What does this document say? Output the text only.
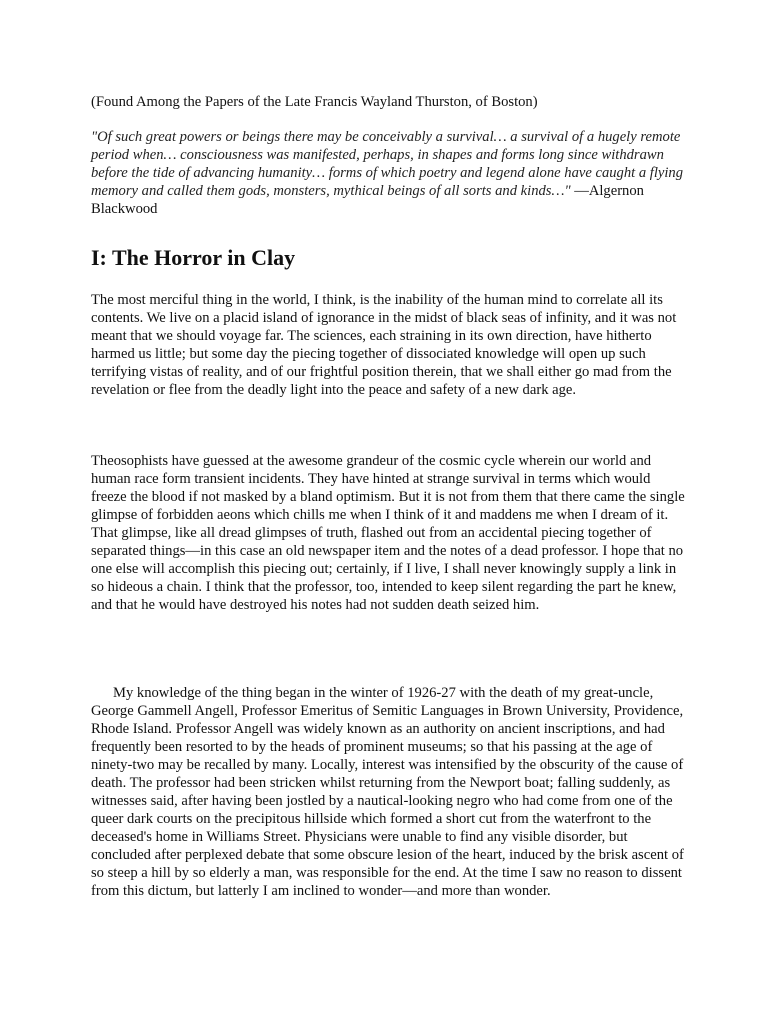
(Found Among the Papers of the Late Francis Wayland Thurston, of Boston)

"Of such great powers or beings there may be conceivably a survival… a survival of a hugely remote period when… consciousness was manifested, perhaps, in shapes and forms long since withdrawn before the tide of advancing humanity… forms of which poetry and legend alone have caught a flying memory and called them gods, monsters, mythical beings of all sorts and kinds…" —Algernon Blackwood

I: The Horror in Clay

The most merciful thing in the world, I think, is the inability of the human mind to correlate all its contents. We live on a placid island of ignorance in the midst of black seas of infinity, and it was not meant that we should voyage far. The sciences, each straining in its own direction, have hitherto harmed us little; but some day the piecing together of dissociated knowledge will open up such terrifying vistas of reality, and of our frightful position therein, that we shall either go mad from the revelation or flee from the deadly light into the peace and safety of a new dark age.

Theosophists have guessed at the awesome grandeur of the cosmic cycle wherein our world and human race form transient incidents. They have hinted at strange survival in terms which would freeze the blood if not masked by a bland optimism. But it is not from them that there came the single glimpse of forbidden aeons which chills me when I think of it and maddens me when I dream of it. That glimpse, like all dread glimpses of truth, flashed out from an accidental piecing together of separated things—in this case an old newspaper item and the notes of a dead professor. I hope that no one else will accomplish this piecing out; certainly, if I live, I shall never knowingly supply a link in so hideous a chain. I think that the professor, too, intended to keep silent regarding the part he knew, and that he would have destroyed his notes had not sudden death seized him.

My knowledge of the thing began in the winter of 1926-27 with the death of my great-uncle, George Gammell Angell, Professor Emeritus of Semitic Languages in Brown University, Providence, Rhode Island. Professor Angell was widely known as an authority on ancient inscriptions, and had frequently been resorted to by the heads of prominent museums; so that his passing at the age of ninety-two may be recalled by many. Locally, interest was intensified by the obscurity of the cause of death. The professor had been stricken whilst returning from the Newport boat; falling suddenly, as witnesses said, after having been jostled by a nautical-looking negro who had come from one of the queer dark courts on the precipitous hillside which formed a short cut from the waterfront to the deceased's home in Williams Street. Physicians were unable to find any visible disorder, but concluded after perplexed debate that some obscure lesion of the heart, induced by the brisk ascent of so steep a hill by so elderly a man, was responsible for the end. At the time I saw no reason to dissent from this dictum, but latterly I am inclined to wonder—and more than wonder.
